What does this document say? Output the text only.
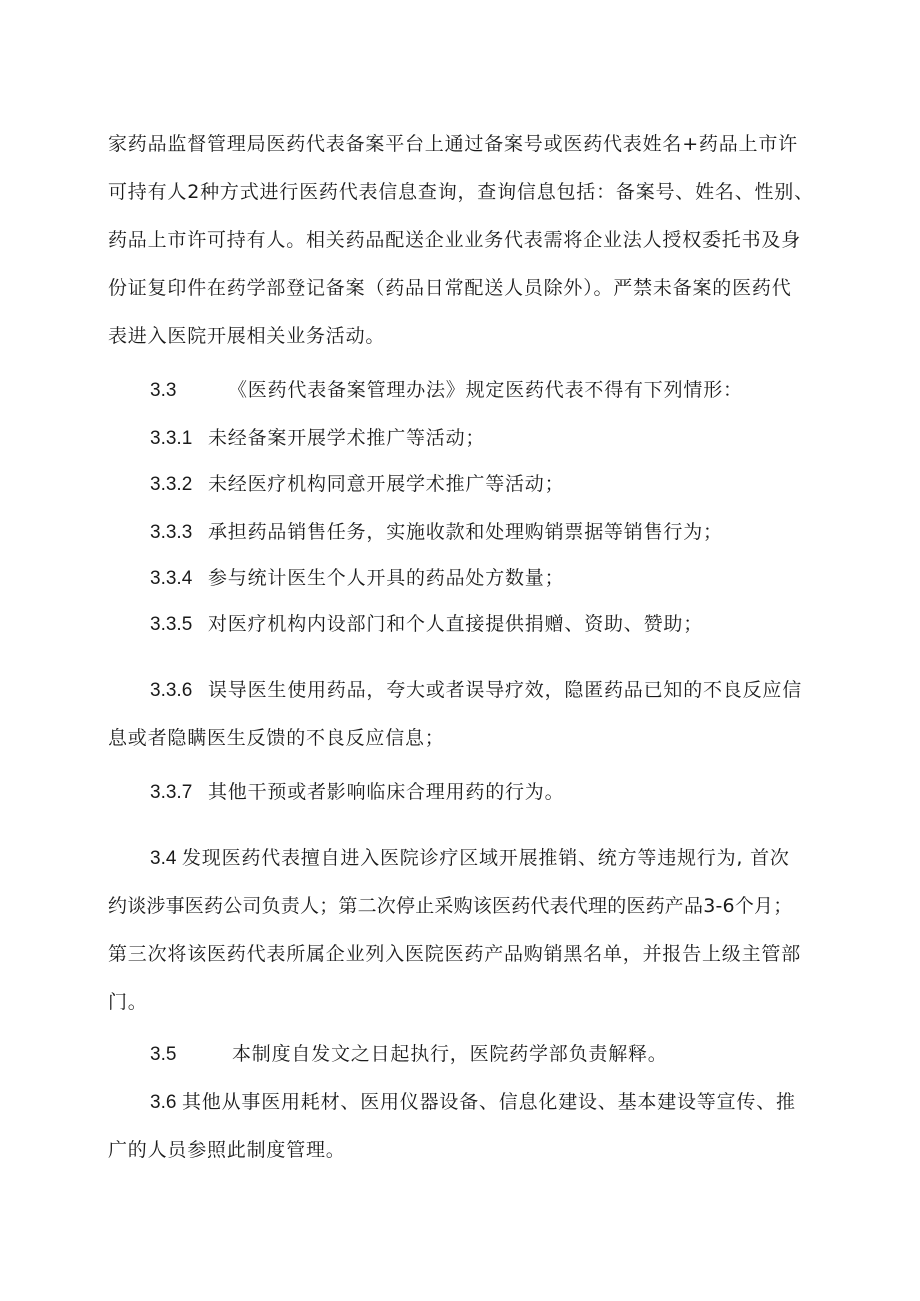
家药品监督管理局医药代表备案平台上通过备案号或医药代表姓名+药品上市许
可持有人2种方式进行医药代表信息查询，查询信息包括：备案号、姓名、性别、
药品上市许可持有人。相关药品配送企业业务代表需将企业法人授权委托书及身
份证复印件在药学部登记备案（药品日常配送人员除外）。严禁未备案的医药代
表进入医院开展相关业务活动。
3.3	《医药代表备案管理办法》规定医药代表不得有下列情形：
3.3.1 未经备案开展学术推广等活动；
3.3.2 未经医疗机构同意开展学术推广等活动；
3.3.3 承担药品销售任务，实施收款和处理购销票据等销售行为；
3.3.4 参与统计医生个人开具的药品处方数量；
3.3.5 对医疗机构内设部门和个人直接提供捐赠、资助、赞助；
3.3.6 误导医生使用药品，夸大或者误导疗效，隐匿药品已知的不良反应信
息或者隐瞒医生反馈的不良反应信息；
3.3.7 其他干预或者影响临床合理用药的行为。
3.4 发现医药代表擅自进入医院诊疗区域开展推销、统方等违规行为, 首次
约谈涉事医药公司负责人；第二次停止采购该医药代表代理的医药产品3-6个月；
第三次将该医药代表所属企业列入医院医药产品购销黑名单，并报告上级主管部
门。
3.5	本制度自发文之日起执行，医院药学部负责解释。
3.6 其他从事医用耗材、医用仪器设备、信息化建设、基本建设等宣传、推
广的人员参照此制度管理。
